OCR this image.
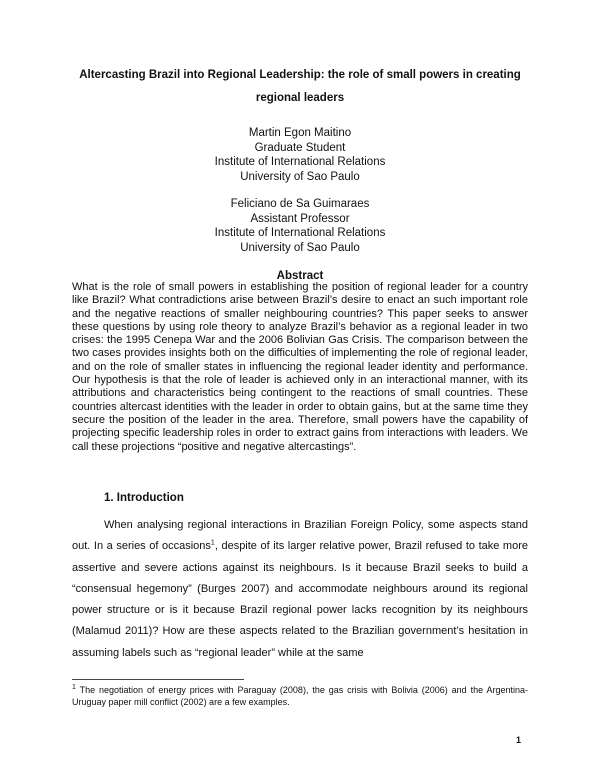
Altercasting Brazil into Regional Leadership: the role of small powers in creating regional leaders
Martin Egon Maitino
Graduate Student
Institute of International Relations
University of Sao Paulo
Feliciano de Sa Guimaraes
Assistant Professor
Institute of International Relations
University of Sao Paulo
Abstract
What is the role of small powers in establishing the position of regional leader for a country like Brazil? What contradictions arise between Brazil’s desire to enact an such important role and the negative reactions of smaller neighbouring countries? This paper seeks to answer these questions by using role theory to analyze Brazil’s behavior as a regional leader in two crises: the 1995 Cenepa War and the 2006 Bolivian Gas Crisis. The comparison between the two cases provides insights both on the difficulties of implementing the role of regional leader, and on the role of smaller states in influencing the regional leader identity and performance. Our hypothesis is that the role of leader is achieved only in an interactional manner, with its attributions and characteristics being contingent to the reactions of small countries. These countries altercast identities with the leader in order to obtain gains, but at the same time they secure the position of the leader in the area. Therefore, small powers have the capability of projecting specific leadership roles in order to extract gains from interactions with leaders. We call these projections “positive and negative altercastings”.
1. Introduction
When analysing regional interactions in Brazilian Foreign Policy, some aspects stand out. In a series of occasions$^1$, despite of its larger relative power, Brazil refused to take more assertive and severe actions against its neighbours. Is it because Brazil seeks to build a “consensual hegemony” (Burges 2007) and accommodate neighbours around its regional power structure or is it because Brazil regional power lacks recognition by its neighbours (Malamud 2011)? How are these aspects related to the Brazilian government’s hesitation in assuming labels such as “regional leader” while at the same
$^1$ The negotiation of energy prices with Paraguay (2008), the gas crisis with Bolivia (2006) and the Argentina- Uruguay paper mill conflict (2002) are a few examples.
1
